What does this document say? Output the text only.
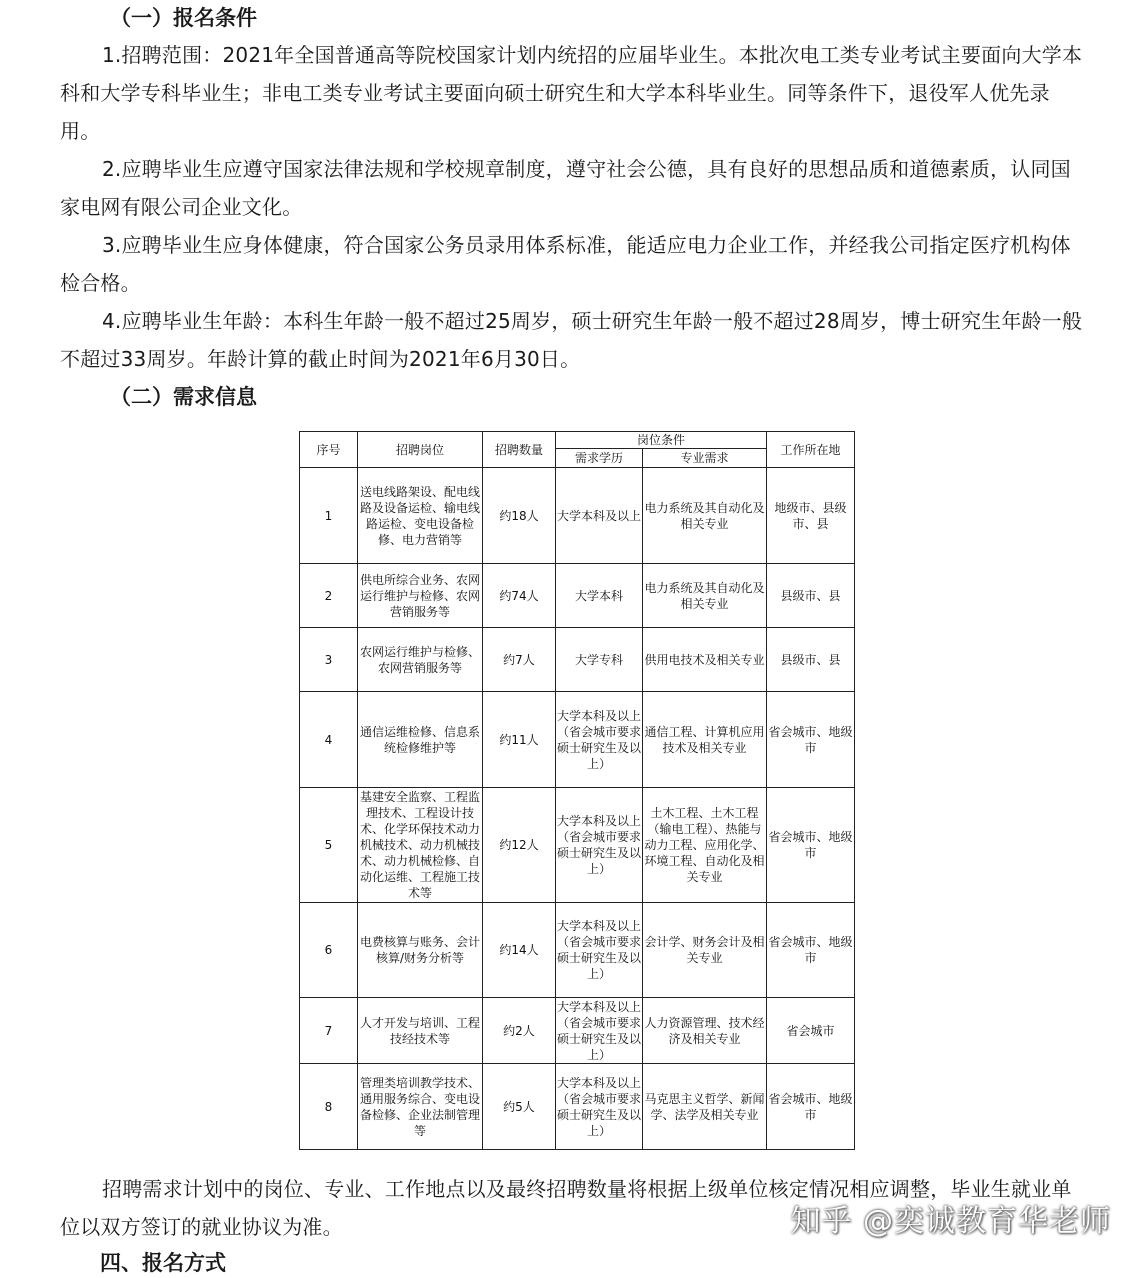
（一）报名条件

1.招聘范围：2021年全国普通高等院校国家计划内统招的应届毕业生。本批次电工类专业考试主要面向大学本科和大学专科毕业生；非电工类专业考试主要面向硕士研究生和大学本科毕业生。同等条件下，退役军人优先录用。

2.应聘毕业生应遵守国家法律法规和学校规章制度，遵守社会公德，具有良好的思想品质和道德素质，认同国家电网有限公司企业文化。

3.应聘毕业生应身体健康，符合国家公务员录用体系标准，能适应电力企业工作，并经我公司指定医疗机构体检合格。

4.应聘毕业生年龄：本科生年龄一般不超过25周岁，硕士研究生年龄一般不超过28周岁，博士研究生年龄一般不超过33周岁。年龄计算的截止时间为2021年6月30日。

（二）需求信息
序号	招聘岗位	招聘数量	岗位条件		工作所在地
			需求学历	专业需求	
1	送电线路架设、配电线路及设备运检、输电线路运检、变电设备检修、电力营销等	约18人	大学本科及以上	电力系统及其自动化及相关专业	地级市、县级市、县
2	供电所综合业务、农网运行维护与检修、农网营销服务等	约74人	大学本科	电力系统及其自动化及相关专业	县级市、县
3	农网运行维护与检修、农网营销服务等	约7人	大学专科	供用电技术及相关专业	县级市、县
4	通信运维检修、信息系统检修维护等	约11人	大学本科及以上（省会城市要求硕士研究生及以上）	通信工程、计算机应用技术及相关专业	省会城市、地级市
5	基建安全监察、工程监理技术、工程设计技术、化学环保技术动力机械技术、动力机械技术、动力机械检修、自动化运维、工程施工技术等	约12人	大学本科及以上（省会城市要求硕士研究生及以上）	土木工程、土木工程（输电工程）、热能与动力工程、应用化学、环境工程、自动化及相关专业	省会城市、地级市
6	电费核算与账务、会计核算/财务分析等	约14人	大学本科及以上（省会城市要求硕士研究生及以上）	会计学、财务会计及相关专业	省会城市、地级市
7	人才开发与培训、工程技经技术等	约2人	大学本科及以上（省会城市要求硕士研究生及以上）	人力资源管理、技术经济及相关专业	省会城市
8	管理类培训教学技术、通用服务综合、变电设备检修、企业法制管理等	约5人	大学本科及以上（省会城市要求硕士研究生及以上）	马克思主义哲学、新闻学、法学及相关专业	省会城市、地级市

招聘需求计划中的岗位、专业、工作地点以及最终招聘数量将根据上级单位核定情况相应调整，毕业生就业单位以双方签订的就业协议为准。

四、报名方式
知乎 @奕诚教育华老师
